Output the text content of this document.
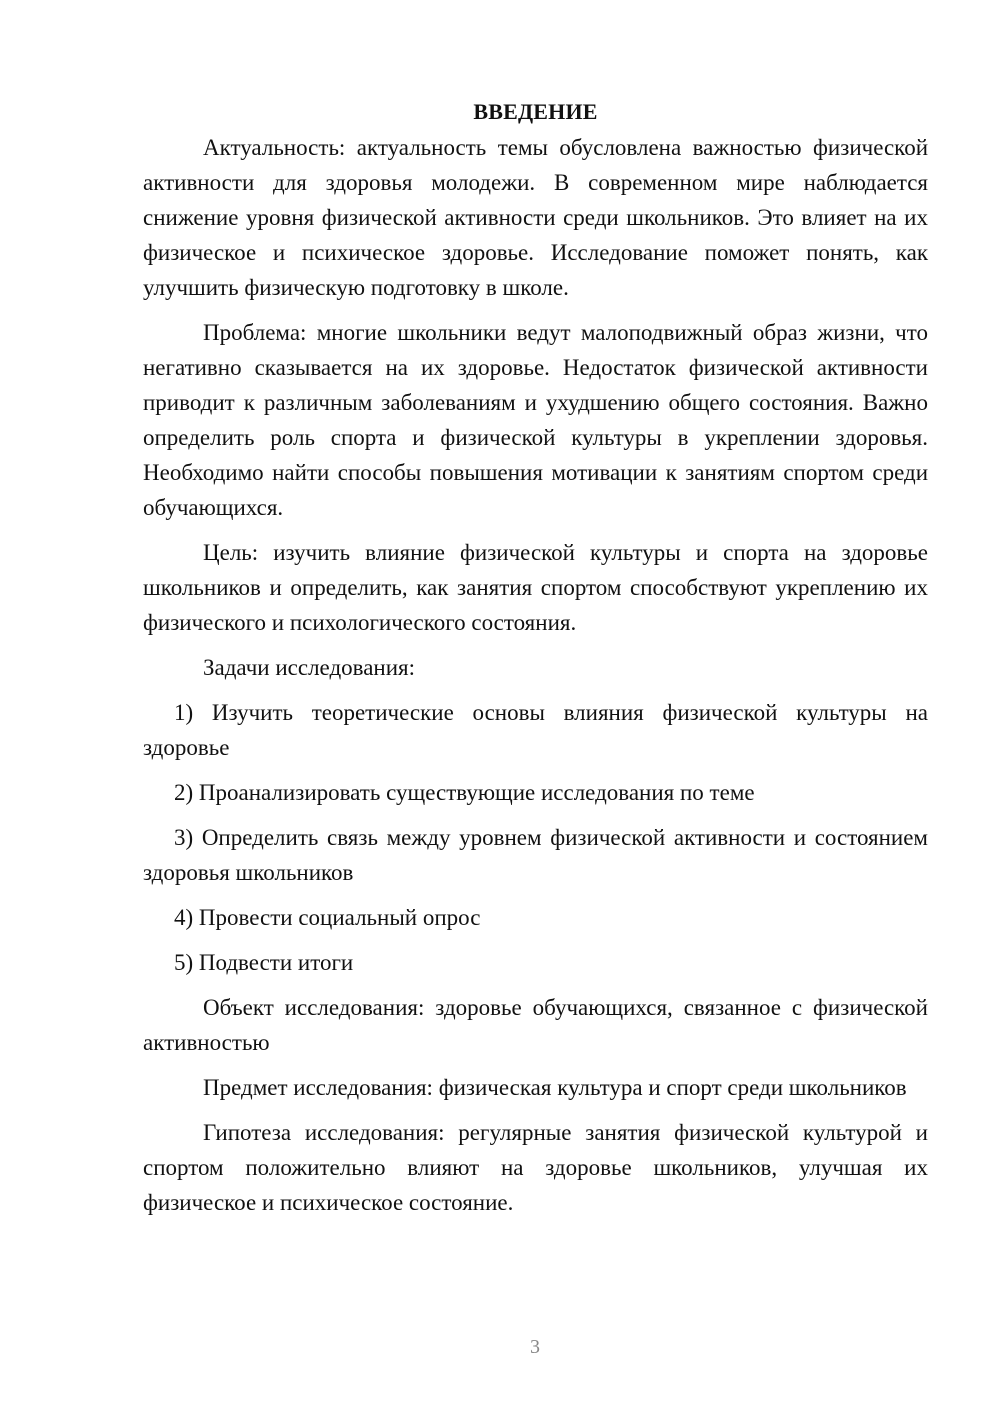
ВВЕДЕНИЕ

Актуальность: актуальность темы обусловлена важностью физической активности для здоровья молодежи. В современном мире наблюдается снижение уровня физической активности среди школьников. Это влияет на их физическое и психическое здоровье. Исследование поможет понять, как улучшить физическую подготовку в школе.

Проблема: многие школьники ведут малоподвижный образ жизни, что негативно сказывается на их здоровье. Недостаток физической активности приводит к различным заболеваниям и ухудшению общего состояния. Важно определить роль спорта и физической культуры в укреплении здоровья. Необходимо найти способы повышения мотивации к занятиям спортом среди обучающихся.

Цель: изучить влияние физической культуры и спорта на здоровье школьников и определить, как занятия спортом способствуют укреплению их физического и психологического состояния.

Задачи исследования:

1) Изучить теоретические основы влияния физической культуры на здоровье

2) Проанализировать существующие исследования по теме

3) Определить связь между уровнем физической активности и состоянием здоровья школьников

4) Провести социальный опрос

5) Подвести итоги

Объект исследования: здоровье обучающихся, связанное с физической активностью

Предмет исследования: физическая культура и спорт среди школьников

Гипотеза исследования: регулярные занятия физической культурой и спортом положительно влияют на здоровье школьников, улучшая их физическое и психическое состояние.

3
